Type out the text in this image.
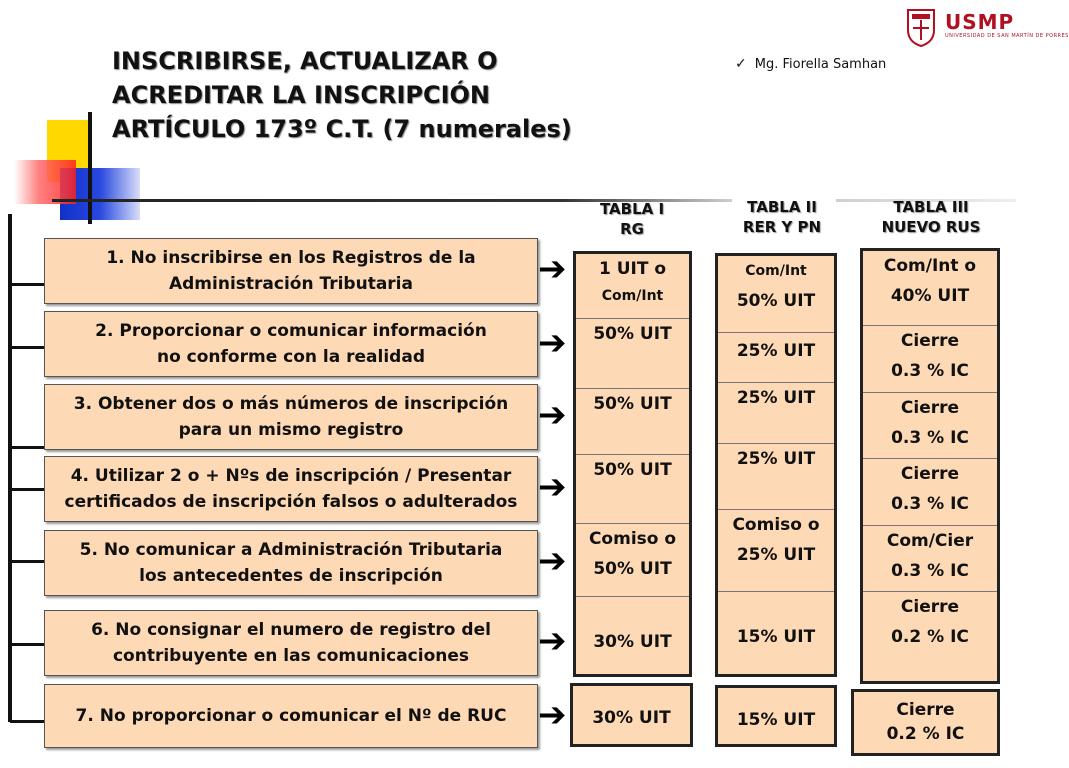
INSCRIBIRSE, ACTUALIZAR O
ACREDITAR LA INSCRIPCIÓN
ARTÍCULO 173º C.T. (7 numerales)
✓ Mg. Fiorella Samhan
USMP
UNIVERSIDAD DE SAN MARTÍN DE PORRES
TABLA I
RG
TABLA II
RER Y PN
TABLA III
NUEVO RUS
1. No inscribirse en los Registros de la
Administración Tributaria
2. Proporcionar o comunicar información
no conforme con la realidad
3. Obtener dos o más números de inscripción
para un mismo registro
4. Utilizar 2 o + Nºs de inscripción / Presentar
certificados de inscripción falsos o adulterados
5. No comunicar a Administración Tributaria
los antecedentes de inscripción
6. No consignar el numero de registro del
contribuyente en las comunicaciones
7. No proporcionar o comunicar el Nº de RUC
➔
➔
➔
➔
➔
➔
➔
1 UIT o
Com/Int
50% UIT
50% UIT
50% UIT
Comiso o
50% UIT
30% UIT
30% UIT
Com/Int
50% UIT
25% UIT
25% UIT
25% UIT
Comiso o
25% UIT
15% UIT
15% UIT
Com/Int o
40% UIT
Cierre
0.3 % IC
Cierre
0.3 % IC
Cierre
0.3 % IC
Com/Cier
0.3 % IC
Cierre
0.2 % IC
Cierre
0.2 % IC
